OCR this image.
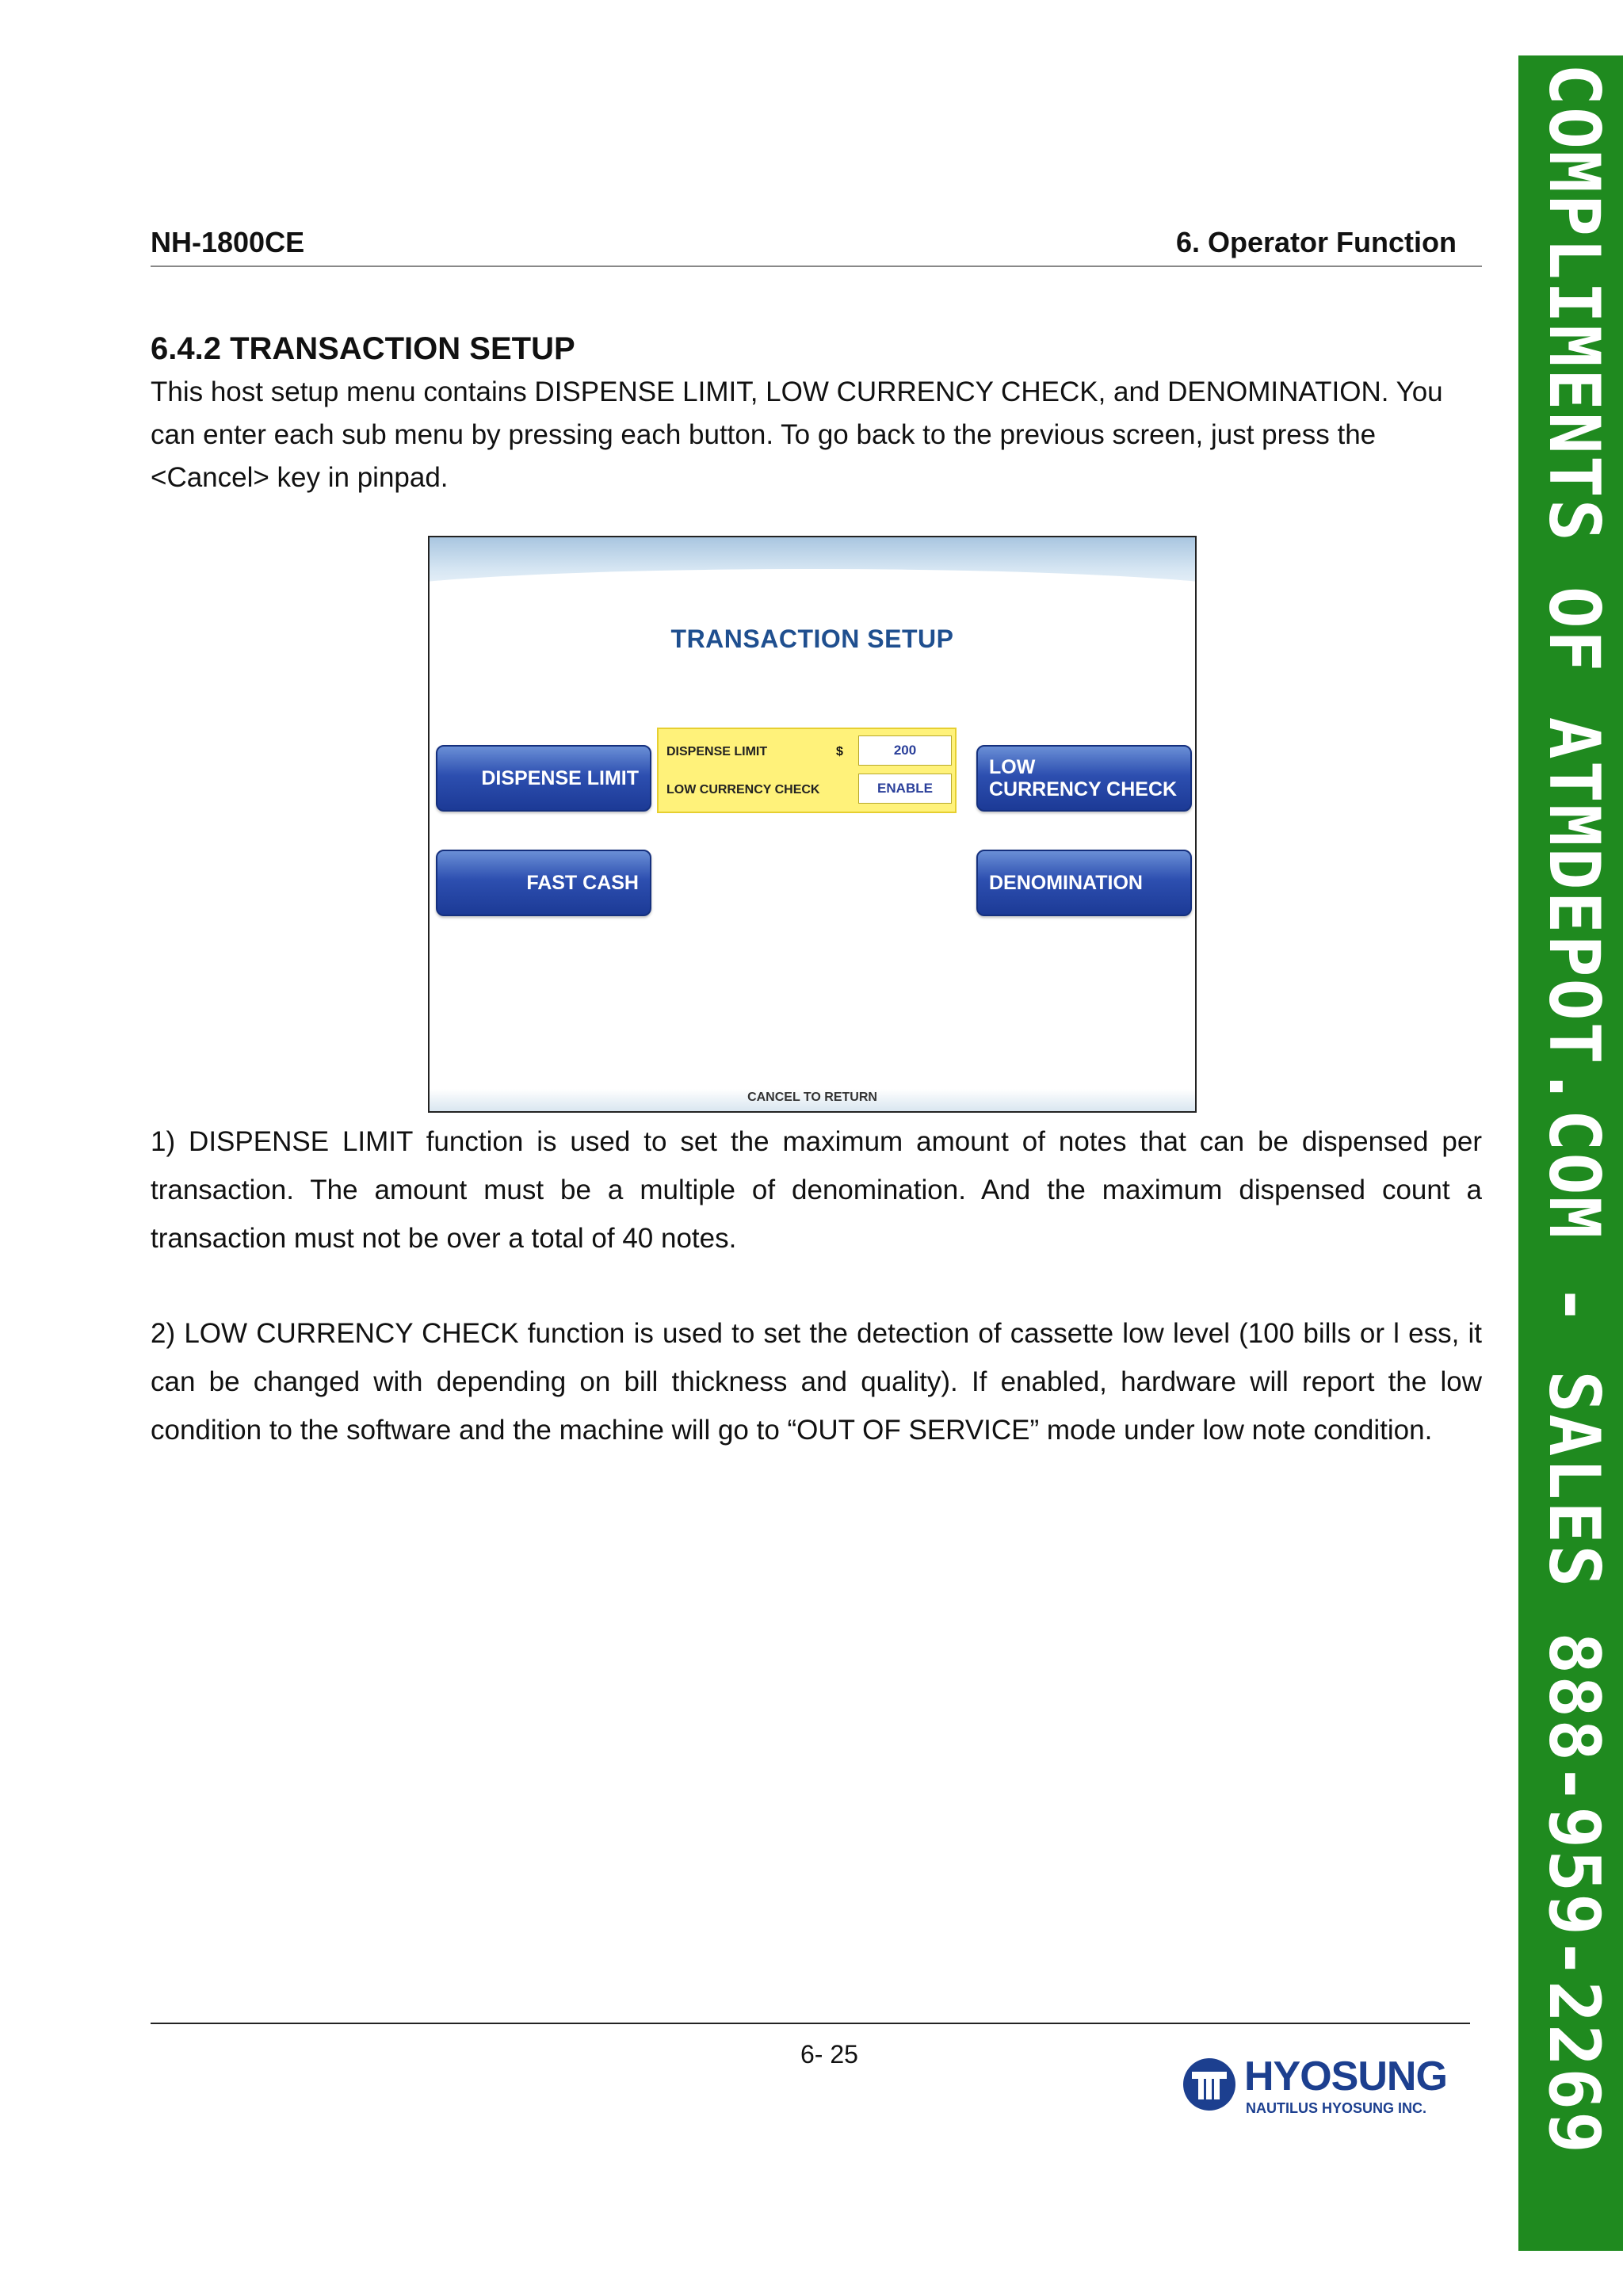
NH-1800CE	6. Operator Function
6.4.2 TRANSACTION SETUP
This host setup menu contains DISPENSE LIMIT, LOW CURRENCY CHECK, and DENOMINATION. You can enter each sub menu by pressing each button. To go back to the previous screen, just press the <Cancel> key in pinpad.
TRANSACTION SETUP
DISPENSE LIMIT
FAST CASH
LOW
CURRENCY CHECK
DENOMINATION
DISPENSE LIMIT	$	200
LOW CURRENCY CHECK	ENABLE
CANCEL TO RETURN
1) DISPENSE LIMIT function is used to set the maximum amount of notes that can be dispensed per transaction. The amount must be a multiple of denomination. And the maximum dispensed count a transaction must not be over a total of 40 notes.
2) LOW CURRENCY CHECK function is used to set the detection of cassette low level (100 bills or l ess, it can be changed with depending on bill thickness and quality). If enabled, hardware will report the low condition to the software and the machine will go to “OUT OF SERVICE” mode under low note condition.
6- 25	HYOSUNG
NAUTILUS HYOSUNG INC. COMPLIMENTS OF ATMDEPOT.COM - SALES 888-959-2269
